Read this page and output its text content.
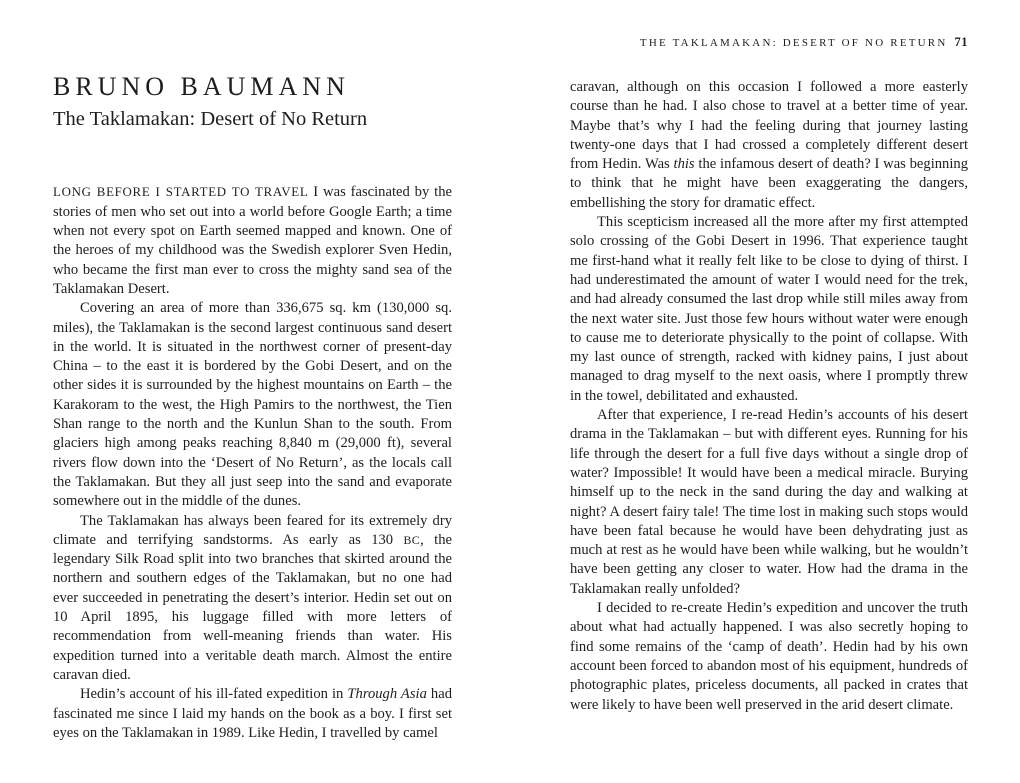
BRUNO BAUMANN
The Taklamakan: Desert of No Return

LONG BEFORE I STARTED TO TRAVEL I was fascinated by the stories of men who set out into a world before Google Earth; a time when not every spot on Earth seemed mapped and known. One of the heroes of my childhood was the Swedish explorer Sven Hedin, who became the first man ever to cross the mighty sand sea of the Taklamakan Desert.

Covering an area of more than 336,675 sq. km (130,000 sq. miles), the Taklamakan is the second largest continuous sand desert in the world. It is situated in the northwest corner of present-day China – to the east it is bordered by the Gobi Desert, and on the other sides it is surrounded by the highest mountains on Earth – the Karakoram to the west, the High Pamirs to the northwest, the Tien Shan range to the north and the Kunlun Shan to the south. From glaciers high among peaks reaching 8,840 m (29,000 ft), several rivers flow down into the ‘Desert of No Return’, as the locals call the Taklamakan. But they all just seep into the sand and evaporate somewhere out in the middle of the dunes.

The Taklamakan has always been feared for its extremely dry climate and terrifying sandstorms. As early as 130 BC, the legendary Silk Road split into two branches that skirted around the northern and southern edges of the Taklamakan, but no one had ever succeeded in penetrating the desert’s interior. Hedin set out on 10 April 1895, his luggage filled with more letters of recommendation from well-meaning friends than water. His expedition turned into a veritable death march. Almost the entire caravan died.

Hedin’s account of his ill-fated expedition in Through Asia had fascinated me since I laid my hands on the book as a boy. I first set eyes on the Taklamakan in 1989. Like Hedin, I travelled by camel

THE TAKLAMAKAN: DESERT OF NO RETURN 71

caravan, although on this occasion I followed a more easterly course than he had. I also chose to travel at a better time of year. Maybe that’s why I had the feeling during that journey lasting twenty-one days that I had crossed a completely different desert from Hedin. Was this the infamous desert of death? I was beginning to think that he might have been exaggerating the dangers, embellishing the story for dramatic effect.

This scepticism increased all the more after my first attempted solo crossing of the Gobi Desert in 1996. That experience taught me first-hand what it really felt like to be close to dying of thirst. I had underestimated the amount of water I would need for the trek, and had already consumed the last drop while still miles away from the next water site. Just those few hours without water were enough to cause me to deteriorate physically to the point of collapse. With my last ounce of strength, racked with kidney pains, I just about managed to drag myself to the next oasis, where I promptly threw in the towel, debilitated and exhausted.

After that experience, I re-read Hedin’s accounts of his desert drama in the Taklamakan – but with different eyes. Running for his life through the desert for a full five days without a single drop of water? Impossible! It would have been a medical miracle. Burying himself up to the neck in the sand during the day and walking at night? A desert fairy tale! The time lost in making such stops would have been fatal because he would have been dehydrating just as much at rest as he would have been while walking, but he wouldn’t have been getting any closer to water. How had the drama in the Taklamakan really unfolded?

I decided to re-create Hedin’s expedition and uncover the truth about what had actually happened. I was also secretly hoping to find some remains of the ‘camp of death’. Hedin had by his own account been forced to abandon most of his equipment, hundreds of photographic plates, priceless documents, all packed in crates that were likely to have been well preserved in the arid desert climate.
